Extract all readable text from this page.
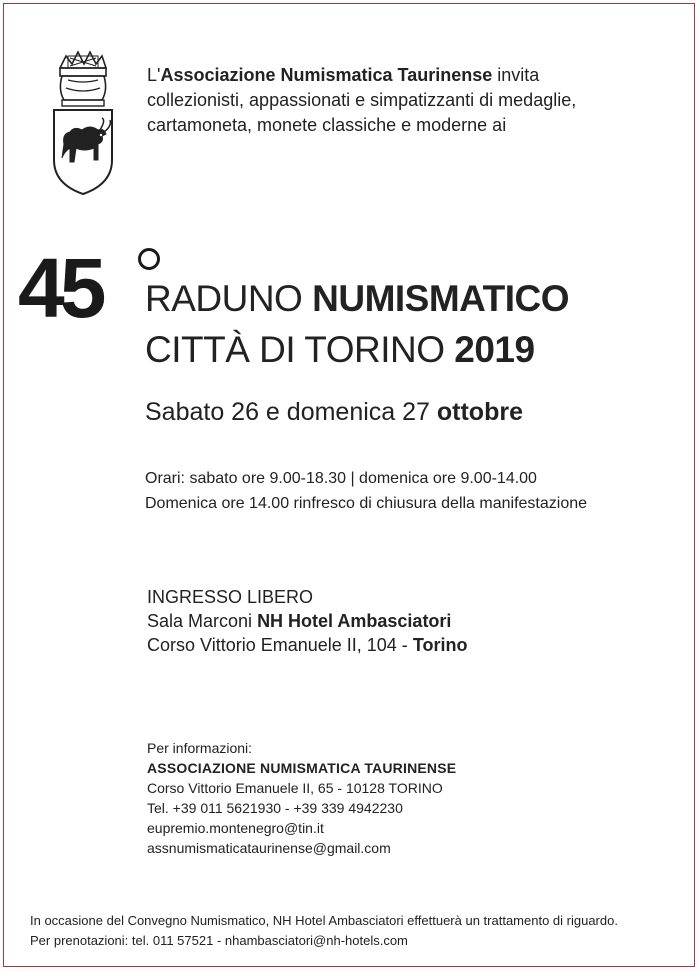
L'Associazione Numismatica Taurinense invita
collezionisti, appassionati e simpatizzanti di medaglie,
cartamoneta, monete classiche e moderne ai
45 RADUNO NUMISMATICO
CITTÀ DI TORINO 2019
Sabato 26 e domenica 27 ottobre
Orari: sabato ore 9.00-18.30 | domenica ore 9.00-14.00
Domenica ore 14.00 rinfresco di chiusura della manifestazione
INGRESSO LIBERO
Sala Marconi NH Hotel Ambasciatori
Corso Vittorio Emanuele II, 104 - Torino
Per informazioni:
ASSOCIAZIONE NUMISMATICA TAURINENSE
Corso Vittorio Emanuele II, 65 - 10128 TORINO
Tel. +39 011 5621930 - +39 339 4942230
eupremio.montenegro@tin.it
assnumismaticataurinense@gmail.com
In occasione del Convegno Numismatico, NH Hotel Ambasciatori effettuerà un trattamento di riguardo.
Per prenotazioni: tel. 011 57521 - nhambasciatori@nh-hotels.com
